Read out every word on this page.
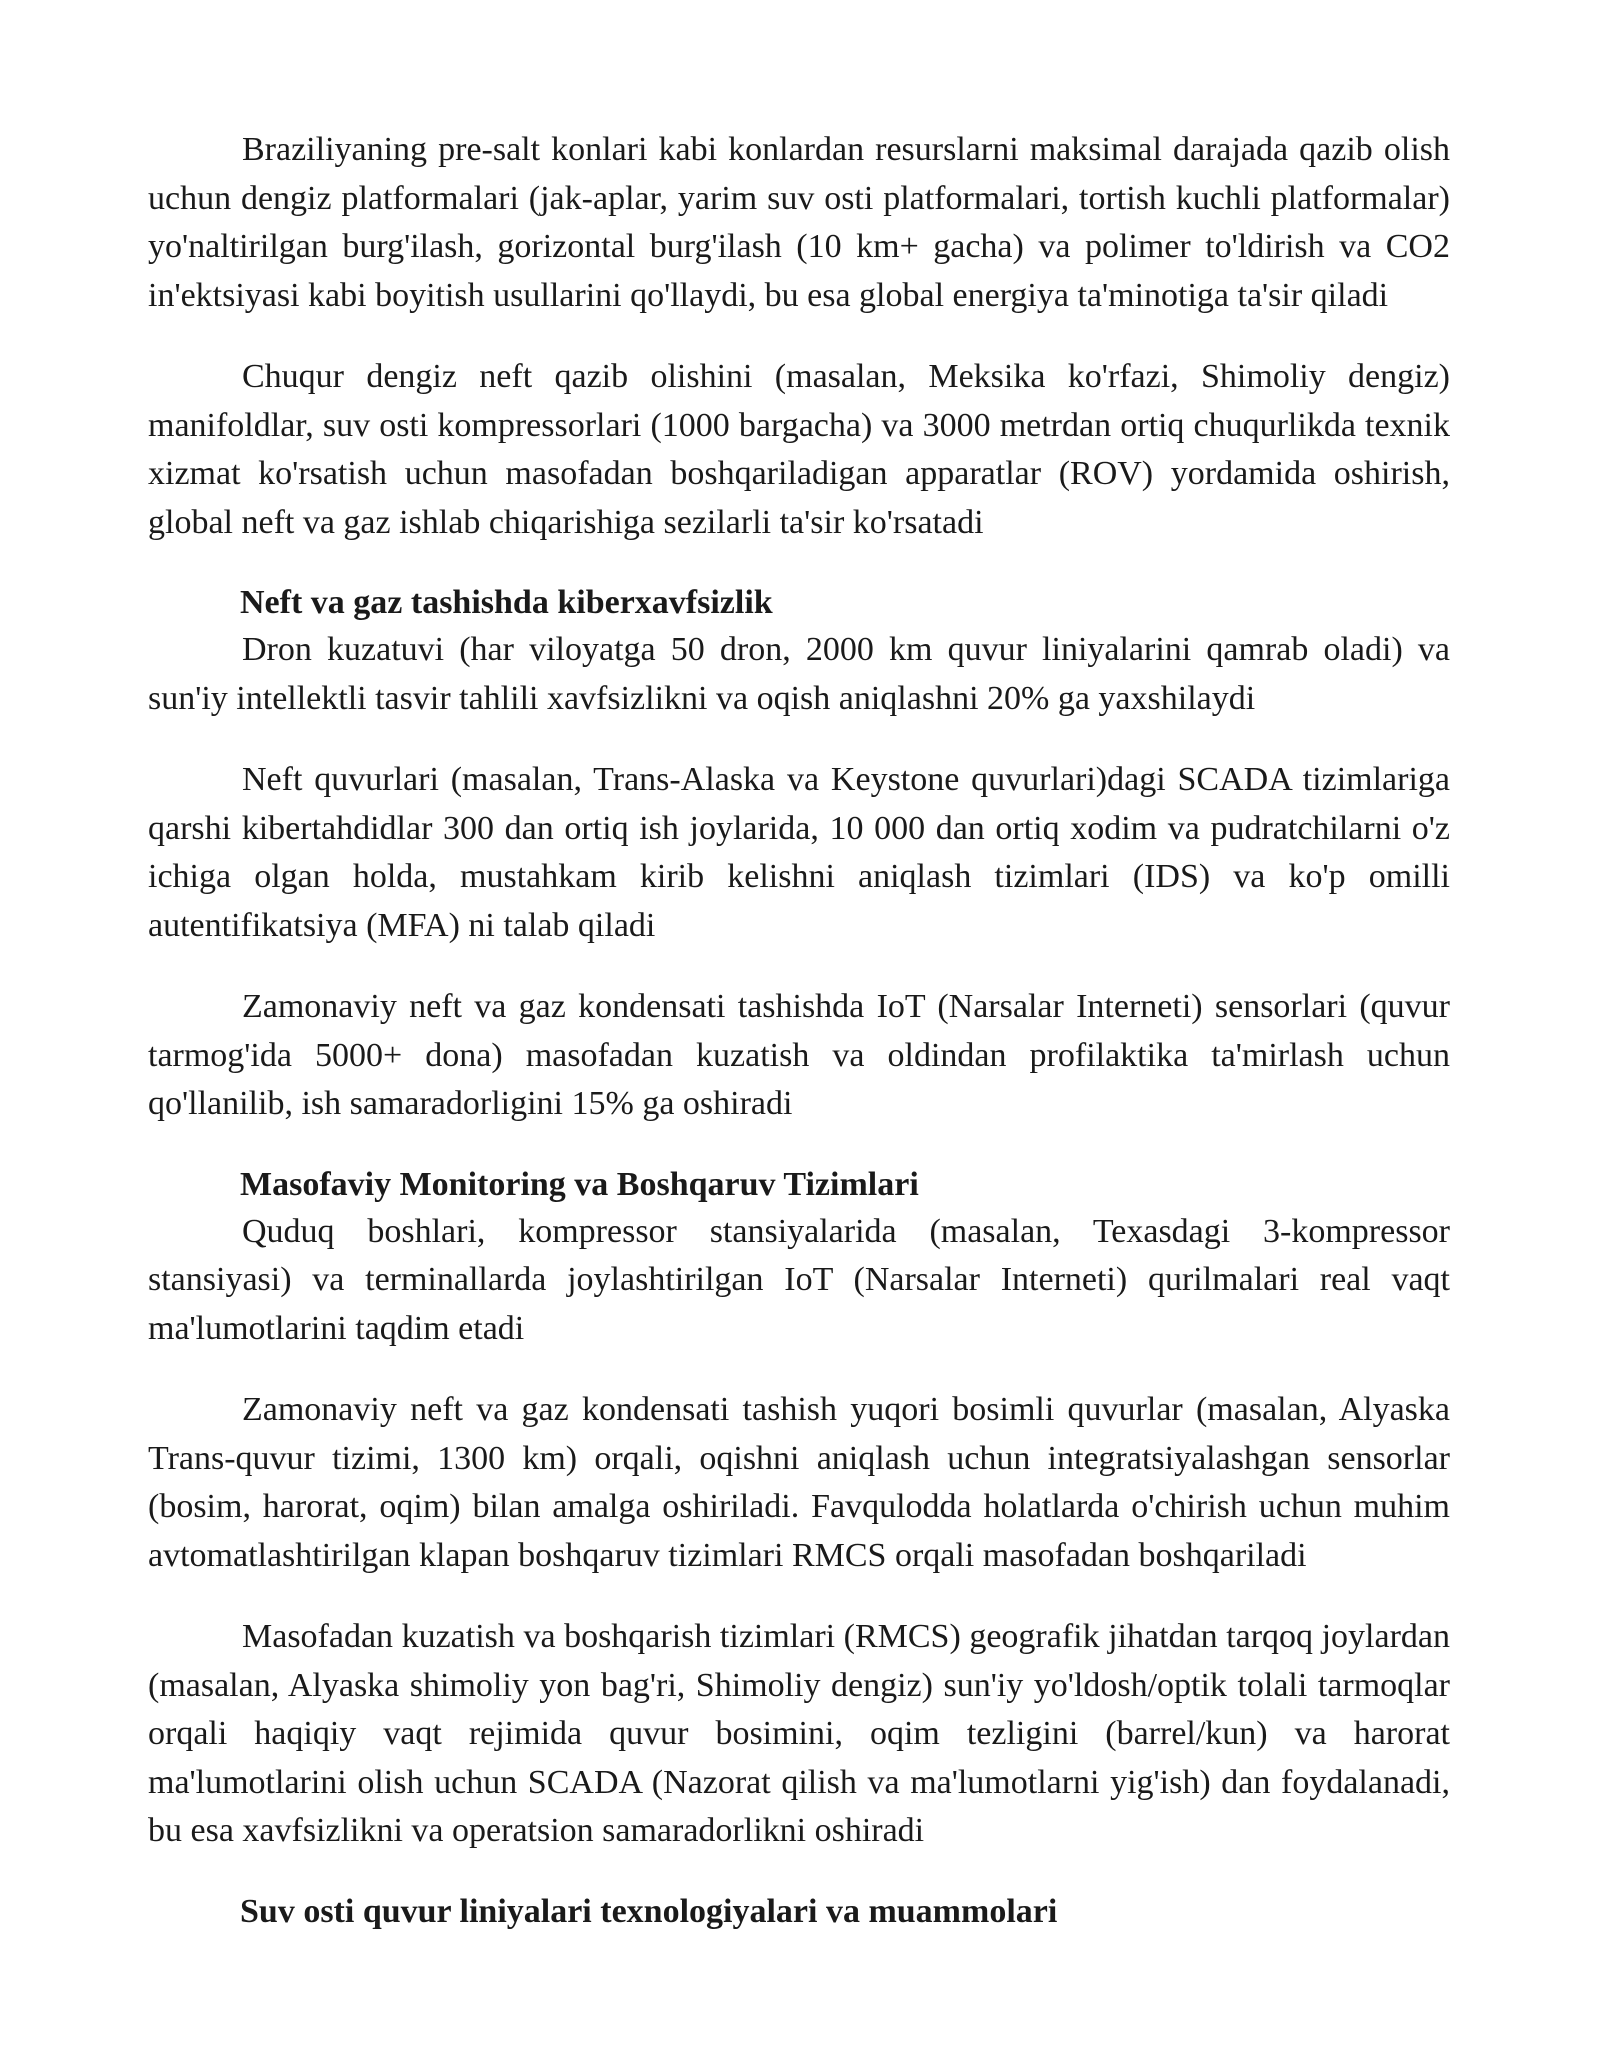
Braziliyaning pre-salt konlari kabi konlardan resurslarni maksimal darajada qazib olish uchun dengiz platformalari (jak-aplar, yarim suv osti platformalari, tortish kuchli platformalar) yo'naltirilgan burg'ilash, gorizontal burg'ilash (10 km+ gacha) va polimer to'ldirish va CO2 in'ektsiyasi kabi boyitish usullarini qo'llaydi, bu esa global energiya ta'minotiga ta'sir qiladi

Chuqur dengiz neft qazib olishini (masalan, Meksika ko'rfazi, Shimoliy dengiz) manifoldlar, suv osti kompressorlari (1000 bargacha) va 3000 metrdan ortiq chuqurlikda texnik xizmat ko'rsatish uchun masofadan boshqariladigan apparatlar (ROV) yordamida oshirish, global neft va gaz ishlab chiqarishiga sezilarli ta'sir ko'rsatadi

Neft va gaz tashishda kiberxavfsizlik

Dron kuzatuvi (har viloyatga 50 dron, 2000 km quvur liniyalarini qamrab oladi) va sun'iy intellektli tasvir tahlili xavfsizlikni va oqish aniqlashni 20% ga yaxshilaydi

Neft quvurlari (masalan, Trans-Alaska va Keystone quvurlari)dagi SCADA tizimlariga qarshi kibertahdidlar 300 dan ortiq ish joylarida, 10 000 dan ortiq xodim va pudratchilarni o'z ichiga olgan holda, mustahkam kirib kelishni aniqlash tizimlari (IDS) va ko'p omilli autentifikatsiya (MFA) ni talab qiladi

Zamonaviy neft va gaz kondensati tashishda IoT (Narsalar Interneti) sensorlari (quvur tarmog'ida 5000+ dona) masofadan kuzatish va oldindan profilaktika ta'mirlash uchun qo'llanilib, ish samaradorligini 15% ga oshiradi

Masofaviy Monitoring va Boshqaruv Tizimlari

Quduq boshlari, kompressor stansiyalarida (masalan, Texasdagi 3-kompressor stansiyasi) va terminallarda joylashtirilgan IoT (Narsalar Interneti) qurilmalari real vaqt ma'lumotlarini taqdim etadi

Zamonaviy neft va gaz kondensati tashish yuqori bosimli quvurlar (masalan, Alyaska Trans-quvur tizimi, 1300 km) orqali, oqishni aniqlash uchun integratsiyalashgan sensorlar (bosim, harorat, oqim) bilan amalga oshiriladi. Favqulodda holatlarda o'chirish uchun muhim avtomatlashtirilgan klapan boshqaruv tizimlari RMCS orqali masofadan boshqariladi

Masofadan kuzatish va boshqarish tizimlari (RMCS) geografik jihatdan tarqoq joylardan (masalan, Alyaska shimoliy yon bag'ri, Shimoliy dengiz) sun'iy yo'ldosh/optik tolali tarmoqlar orqali haqiqiy vaqt rejimida quvur bosimini, oqim tezligini (barrel/kun) va harorat ma'lumotlarini olish uchun SCADA (Nazorat qilish va ma'lumotlarni yig'ish) dan foydalanadi, bu esa xavfsizlikni va operatsion samaradorlikni oshiradi

Suv osti quvur liniyalari texnologiyalari va muammolari
